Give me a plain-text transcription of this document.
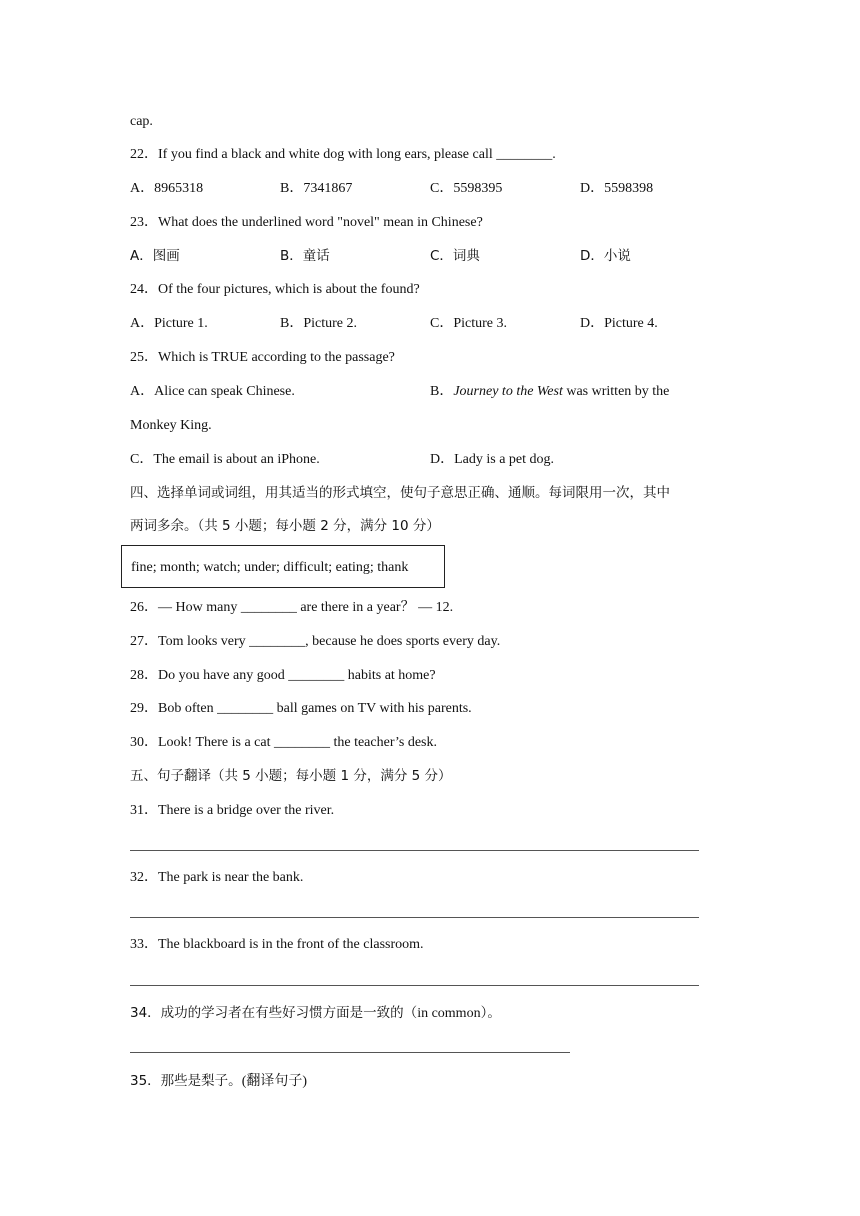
cap.
22．If you find a black and white dog with long ears, please call ________.
A．8965318	B．7341867	C．5598395	D．5598398
23．What does the underlined word "novel" mean in Chinese?
A．图画	B．童话	C．词典	D．小说
24．Of the four pictures, which is about the found?
A．Picture 1.	B．Picture 2.	C．Picture 3.	D．Picture 4.
25．Which is TRUE according to the passage?
A．Alice can speak Chinese.	B．Journey to the West was written by the
Monkey King.
C．The email is about an iPhone.	D．Lady is a pet dog.
四、选择单词或词组，用其适当的形式填空，使句子意思正确、通顺。每词限用一次，其中
两词多余。（共 5 小题；每小题 2 分，满分 10 分）
fine; month; watch; under; difficult; eating; thank
26．— How many ________ are there in a year？ — 12.
27．Tom looks very ________, because he does sports every day.
28．Do you have any good ________ habits at home?
29．Bob often ________ ball games on TV with his parents.
30．Look! There is a cat ________ the teacher’s desk.
五、句子翻译（共 5 小题；每小题 1 分，满分 5 分）
31．There is a bridge over the river.
32．The park is near the bank.
33．The blackboard is in the front of the classroom.
34．成功的学习者在有些好习惯方面是一致的（in common）。
35．那些是梨子。(翻译句子)
